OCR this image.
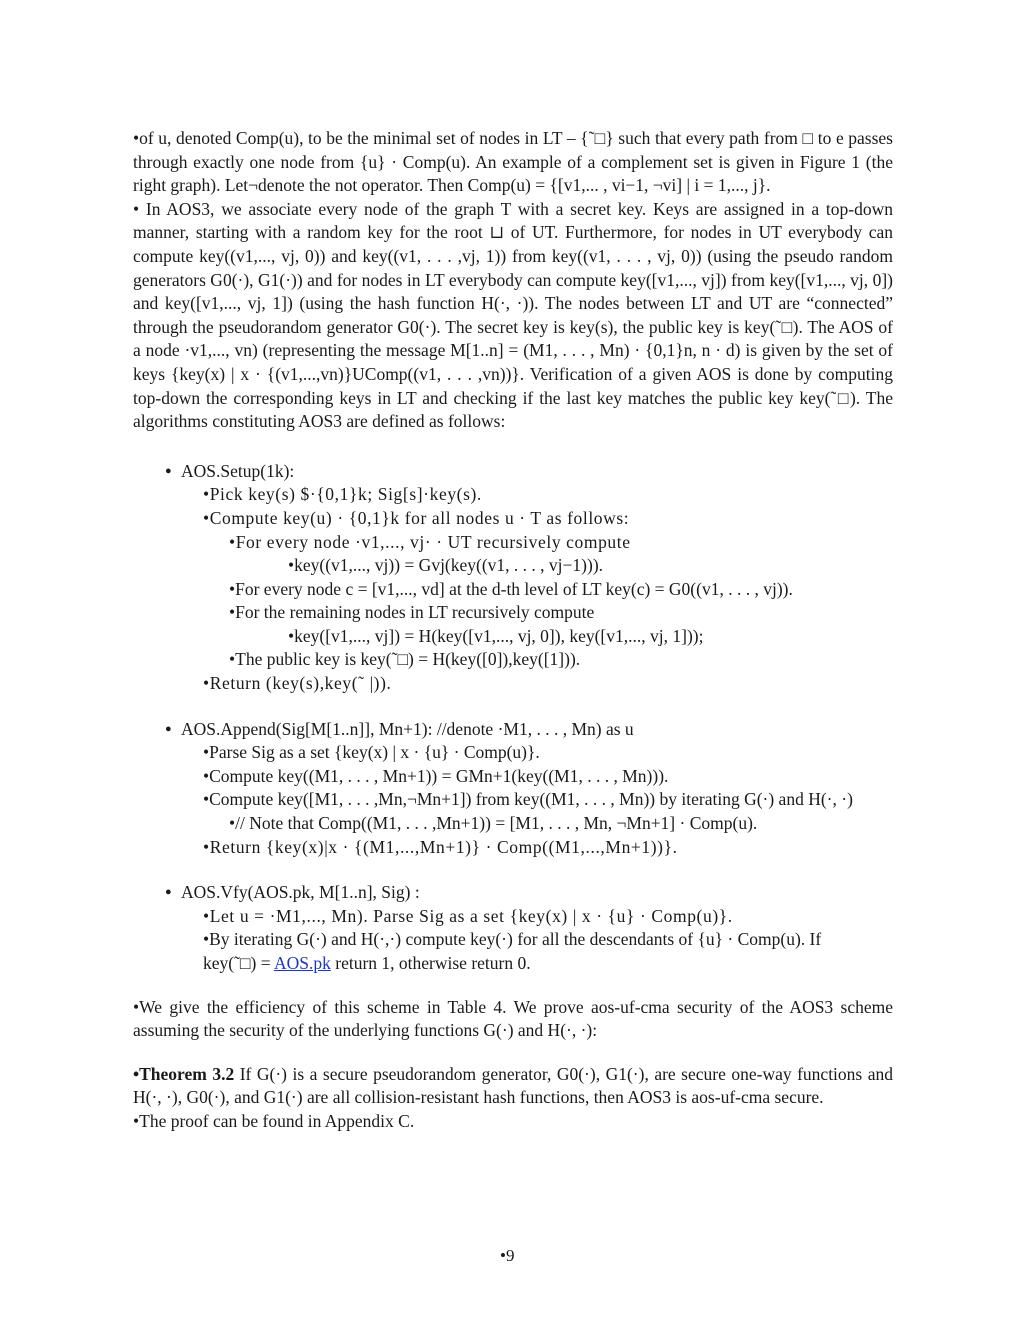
•of u, denoted Comp(u), to be the minimal set of nodes in LT – {˜□} such that every path from □ to e passes through exactly one node from {u} · Comp(u). An example of a complement set is given in Figure 1 (the right graph). Let¬denote the not operator. Then Comp(u) = {[v1,... , vi−1, ¬vi] | i = 1,..., j}.

• In AOS3, we associate every node of the graph T with a secret key. Keys are assigned in a top-down manner, starting with a random key for the root ⊔ of UT. Furthermore, for nodes in UT everybody can compute key((v1,..., vj, 0)) and key((v1, . . . ,vj, 1)) from key((v1, . . . , vj, 0)) (using the pseudo random generators G0(·), G1(·)) and for nodes in LT everybody can compute key([v1,..., vj]) from key([v1,..., vj, 0]) and key([v1,..., vj, 1]) (using the hash function H(·, ·)). The nodes between LT and UT are “connected” through the pseudorandom generator G0(·). The secret key is key(s), the public key is key(˜□). The AOS of a node ·v1,..., vn) (representing the message M[1..n] = (M1, . . . , Mn) · {0,1}n, n · d) is given by the set of keys {key(x) | x · {(v1,...,vn)}UComp((v1, . . . ,vn))}. Verification of a given AOS is done by computing top-down the corresponding keys in LT and checking if the last key matches the public key key(˜□). The algorithms constituting AOS3 are defined as follows:

● AOS.Setup(1k):
•Pick key(s) $·{0,1}k; Sig[s]·key(s).
•Compute key(u) · {0,1}k for all nodes u · T as follows:
•For every node ·v1,..., vj· · UT recursively compute
•key((v1,..., vj)) = Gvj(key((v1, . . . , vj−1))).
•For every node c = [v1,..., vd] at the d-th level of LT key(c) = G0((v1, . . . , vj)).
•For the remaining nodes in LT recursively compute
•key([v1,..., vj]) = H(key([v1,..., vj, 0]), key([v1,..., vj, 1]));
•The public key is key(˜□) = H(key([0]),key([1])).
•Return (key(s),key(˜ |)).
● AOS.Append(Sig[M[1..n]], Mn+1): //denote ·M1, . . . , Mn) as u
•Parse Sig as a set {key(x) | x · {u} · Comp(u)}.
•Compute key((M1, . . . , Mn+1)) = GMn+1(key((M1, . . . , Mn))).
•Compute key([M1, . . . ,Mn,¬Mn+1]) from key((M1, . . . , Mn)) by iterating G(·) and H(·, ·)
•// Note that Comp((M1, . . . ,Mn+1)) = [M1, . . . , Mn, ¬Mn+1] · Comp(u).
•Return {key(x)|x · {(M1,...,Mn+1)} · Comp((M1,...,Mn+1))}.
● AOS.Vfy(AOS.pk, M[1..n], Sig) :
•Let u = ·M1,..., Mn). Parse Sig as a set {key(x) | x · {u} · Comp(u)}.
•By iterating G(·) and H(·,·) compute key(·) for all the descendants of {u} · Comp(u). If
key(˜□) = AOS.pk return 1, otherwise return 0.

•We give the efficiency of this scheme in Table 4. We prove aos-uf-cma security of the AOS3 scheme assuming the security of the underlying functions G(·) and H(·, ·):

•Theorem 3.2 If G(·) is a secure pseudorandom generator, G0(·), G1(·), are secure one-way functions and H(·, ·), G0(·), and G1(·) are all collision-resistant hash functions, then AOS3 is aos-uf-cma secure.

•The proof can be found in Appendix C.

•9
